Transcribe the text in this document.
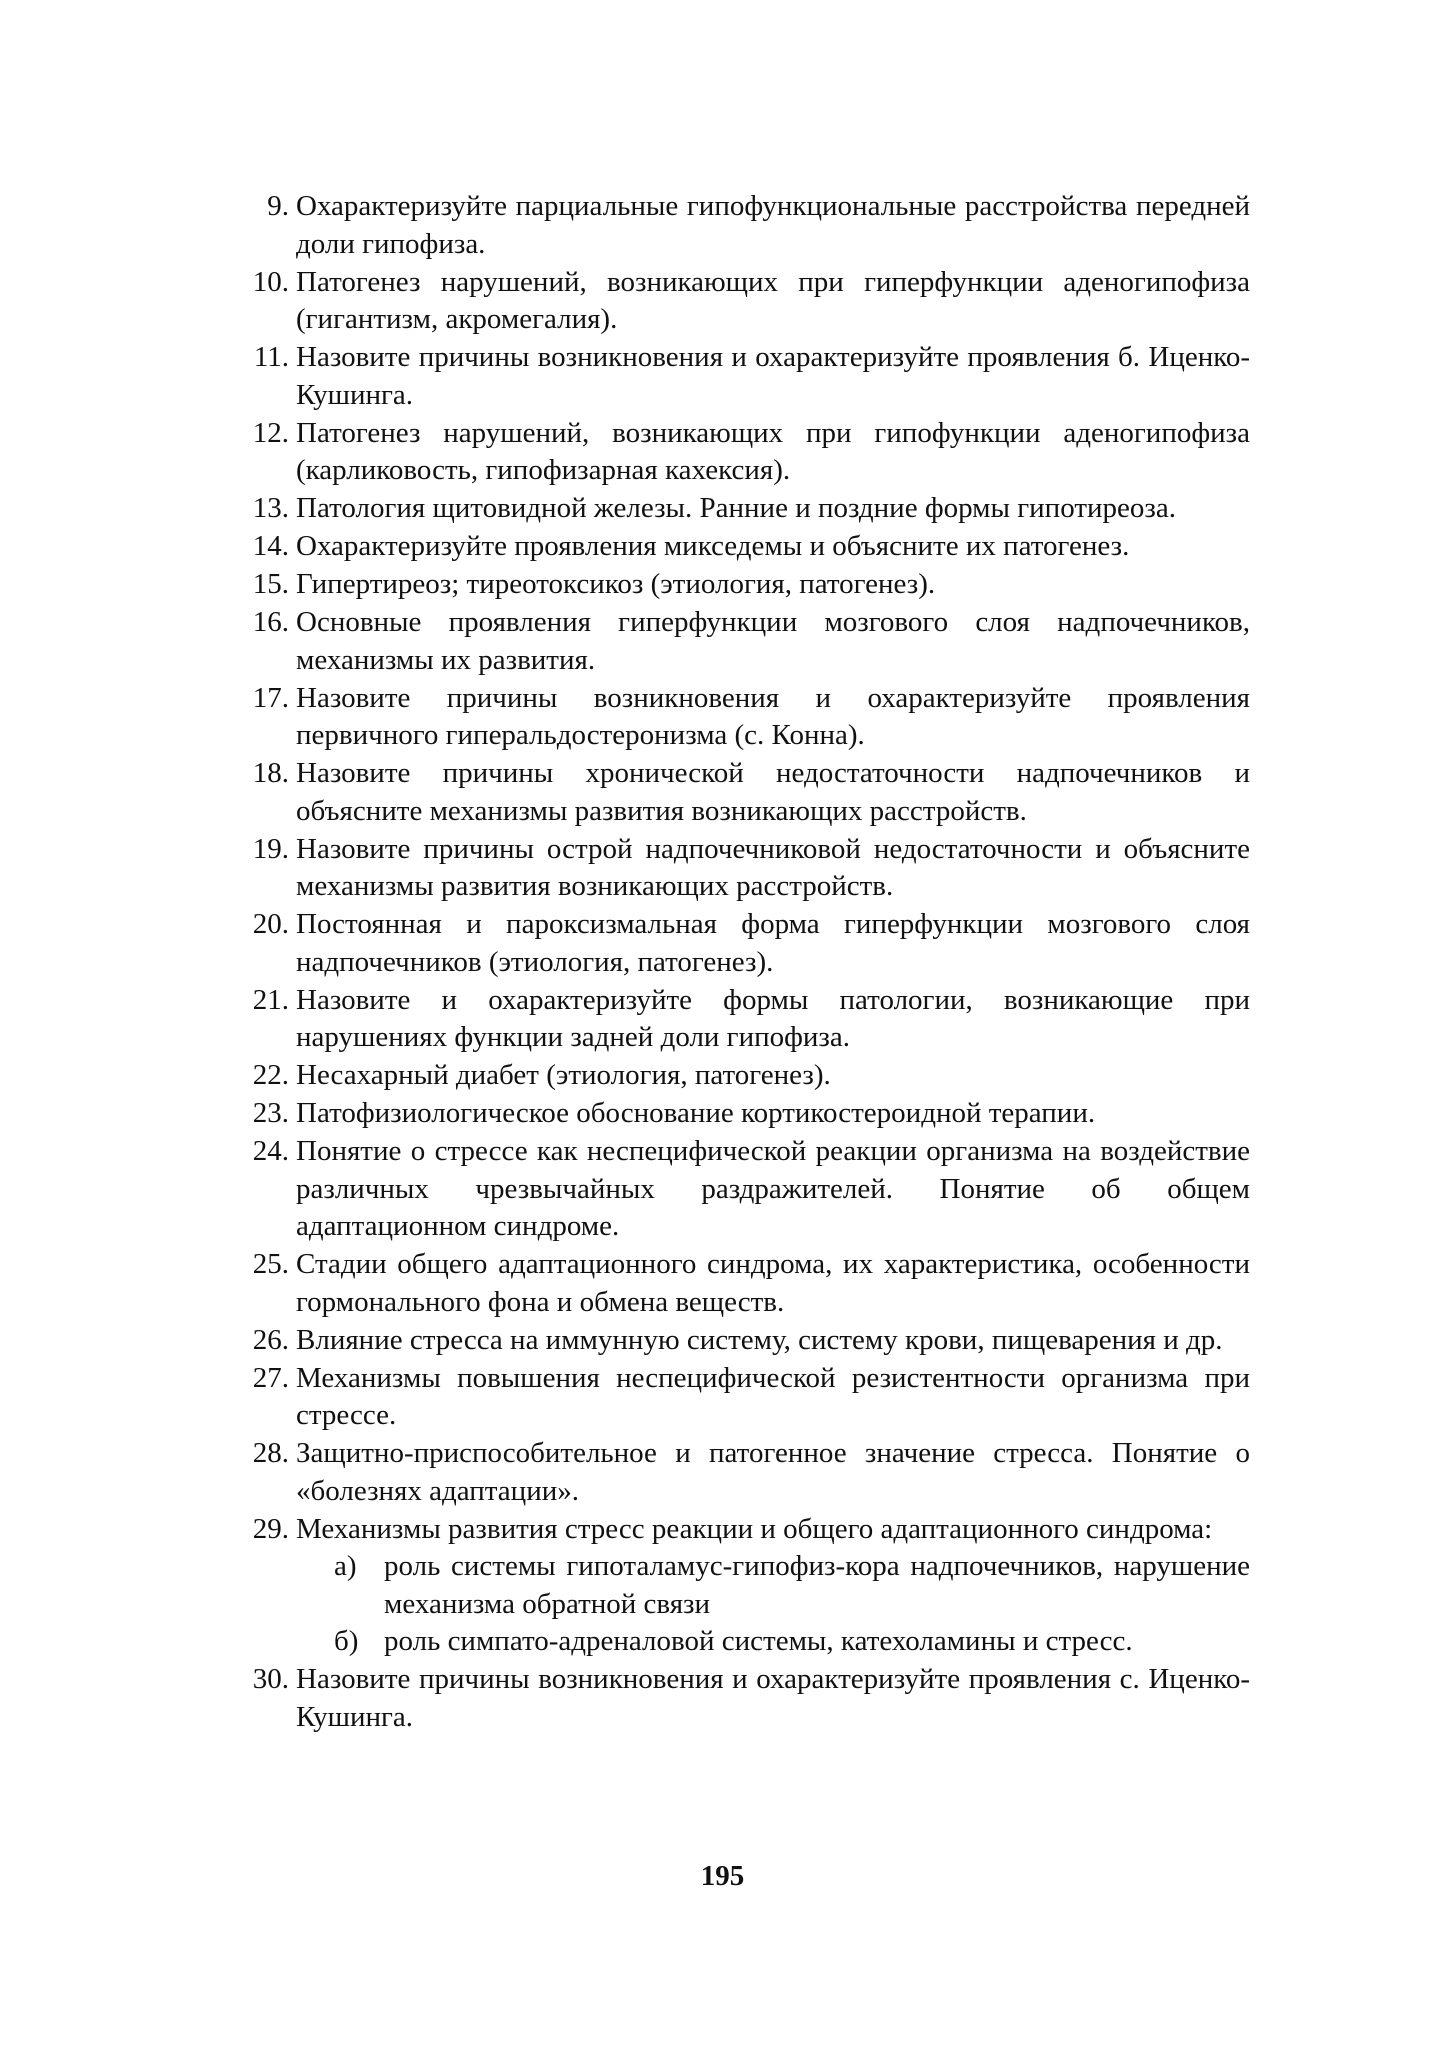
9. Охарактеризуйте парциальные гипофункциональные расстройства передней доли гипофиза.
10. Патогенез нарушений, возникающих при гиперфункции аденогипофиза (гигантизм, акромегалия).
11. Назовите причины возникновения и охарактеризуйте проявления б. Иценко-Кушинга.
12. Патогенез нарушений, возникающих при гипофункции аденогипофиза (карликовость, гипофизарная кахексия).
13. Патология щитовидной железы. Ранние и поздние формы гипотиреоза.
14. Охарактеризуйте проявления микседемы и объясните их патогенез.
15. Гипертиреоз; тиреотоксикоз (этиология, патогенез).
16. Основные проявления гиперфункции мозгового слоя надпочечников, механизмы их развития.
17. Назовите причины возникновения и охарактеризуйте проявления первичного гиперальдостеронизма (с. Конна).
18. Назовите причины хронической недостаточности надпочечников и объясните механизмы развития возникающих расстройств.
19. Назовите причины острой надпочечниковой недостаточности и объясните механизмы развития возникающих расстройств.
20. Постоянная и пароксизмальная форма гиперфункции мозгового слоя надпочечников (этиология, патогенез).
21. Назовите и охарактеризуйте формы патологии, возникающие при нарушениях функции задней доли гипофиза.
22. Несахарный диабет (этиология, патогенез).
23. Патофизиологическое обоснование кортикостероидной терапии.
24. Понятие о стрессе как неспецифической реакции организма на воздействие различных чрезвычайных раздражителей. Понятие об общем адаптационном синдроме.
25. Стадии общего адаптационного синдрома, их характеристика, особенности гормонального фона и обмена веществ.
26. Влияние стресса на иммунную систему, систему крови, пищеварения и др.
27. Механизмы повышения неспецифической резистентности организма при стрессе.
28. Защитно-приспособительное и патогенное значение стресса. Понятие о «болезнях адаптации».
29. Механизмы развития стресс реакции и общего адаптационного синдрома:
а) роль системы гипоталамус-гипофиз-кора надпочечников, нарушение механизма обратной связи
б) роль симпато-адреналовой системы, катехоламины и стресс.
30. Назовите причины возникновения и охарактеризуйте проявления с. Иценко-Кушинга.
195
